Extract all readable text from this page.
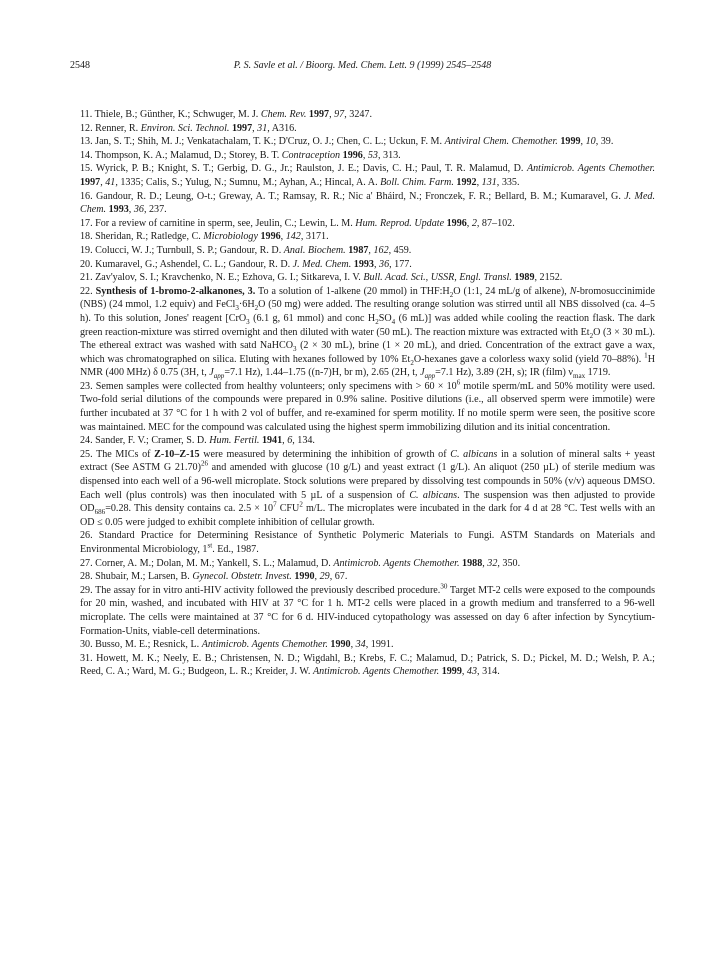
2548	P. S. Savle et al. / Bioorg. Med. Chem. Lett. 9 (1999) 2545–2548

11. Thiele, B.; Günther, K.; Schwuger, M. J. Chem. Rev. 1997, 97, 3247.

12. Renner, R. Environ. Sci. Technol. 1997, 31, A316.

13. Jan, S. T.; Shih, M. J.; Venkatachalam, T. K.; D'Cruz, O. J.; Chen, C. L.; Uckun, F. M. Antiviral Chem. Chemother. 1999, 10, 39.

14. Thompson, K. A.; Malamud, D.; Storey, B. T. Contraception 1996, 53, 313.

15. Wyrick, P. B.; Knight, S. T.; Gerbig, D. G., Jr.; Raulston, J. E.; Davis, C. H.; Paul, T. R. Malamud, D. Antimicrob. Agents Chemother. 1997, 41, 1335; Calis, S.; Yulug, N.; Sumnu, M.; Ayhan, A.; Hincal, A. A. Boll. Chim. Farm. 1992, 131, 335.

16. Gandour, R. D.; Leung, O-t.; Greway, A. T.; Ramsay, R. R.; Nic a' Bháird, N.; Fronczek, F. R.; Bellard, B. M.; Kumaravel, G. J. Med. Chem. 1993, 36, 237.

17. For a review of carnitine in sperm, see, Jeulin, C.; Lewin, L. M. Hum. Reprod. Update 1996, 2, 87–102.

18. Sheridan, R.; Ratledge, C. Microbiology 1996, 142, 3171.

19. Colucci, W. J.; Turnbull, S. P.; Gandour, R. D. Anal. Biochem. 1987, 162, 459.

20. Kumaravel, G.; Ashendel, C. L.; Gandour, R. D. J. Med. Chem. 1993, 36, 177.

21. Zav'yalov, S. I.; Kravchenko, N. E.; Ezhova, G. I.; Sitkareva, I. V. Bull. Acad. Sci., USSR, Engl. Transl. 1989, 2152.

22. Synthesis of 1-bromo-2-alkanones, 3. To a solution of 1-alkene (20 mmol) in $THF:H_2O$ (1:1, 24 mL/g of alkene), N-bromosuccinimide (NBS) (24 mmol, 1.2 equiv) and $FeCl_3\cdot 6H_2O$ (50 mg) were added. The resulting orange solution was stirred until all NBS dissolved (ca. 4–5 h). To this solution, Jones' reagent [CrO$_3$ (6.1 g, 61 mmol) and conc $H_2SO_4$ (6 mL)] was added while cooling the reaction flask. The dark green reaction-mixture was stirred overnight and then diluted with water (50 mL). The reaction mixture was extracted with $Et_2O$ (3 × 30 mL). The ethereal extract was washed with satd NaHCO$_3$ (2 × 30 mL), brine (1 × 20 mL), and dried. Concentration of the extract gave a wax, which was chromatographed on silica. Eluting with hexanes followed by 10% $Et_2O$-hexanes gave a colorless waxy solid (yield 70–88%). $^1$H NMR (400 MHz) δ 0.75 (3H, t, $J_{app}=7.1$ Hz), 1.44–1.75 ((n-7)H, br m), 2.65 (2H, t, $J_{app}=7.1$ Hz), 3.89 (2H, s); IR (film) $\nu_{max}$ 1719.

23. Semen samples were collected from healthy volunteers; only specimens with > $60 \times 10^6$ motile sperm/mL and 50% motility were used. Two-fold serial dilutions of the compounds were prepared in 0.9% saline. Positive dilutions (i.e., all observed sperm were immotile) were further incubated at 37 °C for 1 h with 2 vol of buffer, and re-examined for sperm motility. If no motile sperm were seen, the positive score was maintained. MEC for the compound was calculated using the highest sperm immobilizing dilution and its initial concentration.

24. Sander, F. V.; Cramer, S. D. Hum. Fertil. 1941, 6, 134.

25. The MICs of Z-10–Z-15 were measured by determining the inhibition of growth of C. albicans in a solution of mineral salts + yeast extract (See ASTM G 21.70)$^{26}$ and amended with glucose (10 g/L) and yeast extract (1 g/L). An aliquot (250 µL) of sterile medium was dispensed into each well of a 96-well microplate. Stock solutions were prepared by dissolving test compounds in 50% (v/v) aqueous DMSO. Each well (plus controls) was then inoculated with 5 µL of a suspension of C. albicans. The suspension was then adjusted to provide $OD_{686}=0.28$. This density contains ca. $2.5 \times 10^7$ CFU$^2$ m/L. The microplates were incubated in the dark for 4 d at 28 °C. Test wells with an OD ≤ 0.05 were judged to exhibit complete inhibition of cellular growth.

26. Standard Practice for Determining Resistance of Synthetic Polymeric Materials to Fungi. ASTM Standards on Materials and Environmental Microbiology, 1st. Ed., 1987.

27. Corner, A. M.; Dolan, M. M.; Yankell, S. L.; Malamud, D. Antimicrob. Agents Chemother. 1988, 32, 350.

28. Shubair, M.; Larsen, B. Gynecol. Obstetr. Invest. 1990, 29, 67.

29. The assay for in vitro anti-HIV activity followed the previously described procedure.$^{30}$ Target MT-2 cells were exposed to the compounds for 20 min, washed, and incubated with HIV at 37 °C for 1 h. MT-2 cells were placed in a growth medium and transferred to a 96-well microplate. The cells were maintained at 37 °C for 6 d. HIV-induced cytopathology was assessed on day 6 after infection by Syncytium-Formation-Units, viable-cell determinations.

30. Busso, M. E.; Resnick, L. Antimicrob. Agents Chemother. 1990, 34, 1991.

31. Howett, M. K.; Neely, E. B.; Christensen, N. D.; Wigdahl, B.; Krebs, F. C.; Malamud, D.; Patrick, S. D.; Pickel, M. D.; Welsh, P. A.; Reed, C. A.; Ward, M. G.; Budgeon, L. R.; Kreider, J. W. Antimicrob. Agents Chemother. 1999, 43, 314.
